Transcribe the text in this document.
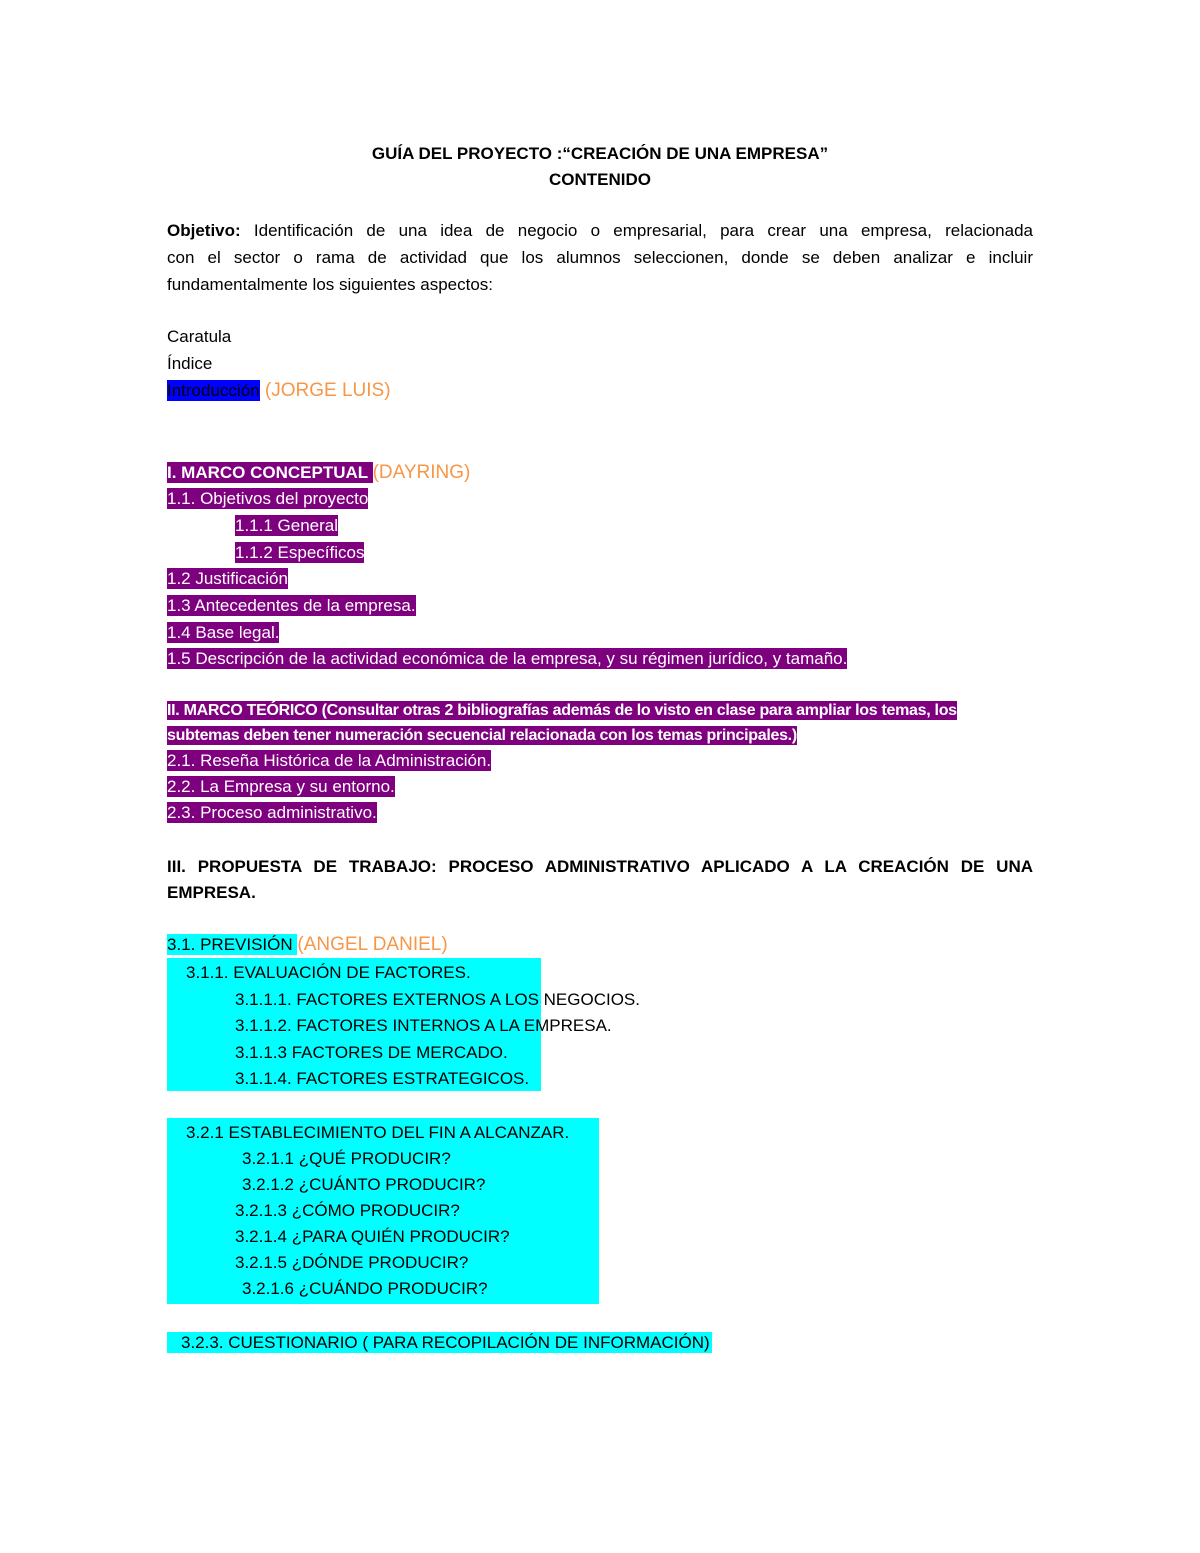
GUÍA DEL PROYECTO :“CREACIÓN DE UNA EMPRESA”
CONTENIDO
Objetivo: Identificación de una idea de negocio o empresarial, para crear una empresa, relacionada
con el sector o rama de actividad que los alumnos seleccionen, donde se deben analizar e incluir
fundamentalmente los siguientes aspectos:
Caratula
Índice
Introducción (JORGE LUIS)
I. MARCO CONCEPTUAL (DAYRING)
1.1. Objetivos del proyecto
1.1.1 General
1.1.2 Específicos
1.2 Justificación
1.3 Antecedentes de la empresa.
1.4 Base legal.
1.5 Descripción de la actividad económica de la empresa, y su régimen jurídico, y tamaño.
II. MARCO TEÓRICO (Consultar otras 2 bibliografías además de lo visto en clase para ampliar los temas, los
subtemas deben tener numeración secuencial relacionada con los temas principales.)
2.1. Reseña Histórica de la Administración.
2.2. La Empresa y su entorno.
2.3. Proceso administrativo.
III. PROPUESTA DE TRABAJO: PROCESO ADMINISTRATIVO APLICADO A LA CREACIÓN DE UNA
EMPRESA.
3.1. PREVISIÓN (ANGEL DANIEL)
3.1.1. EVALUACIÓN DE FACTORES.
3.1.1.1. FACTORES EXTERNOS A LOS NEGOCIOS.
3.1.1.2. FACTORES INTERNOS A LA EMPRESA.
3.1.1.3 FACTORES DE MERCADO.
3.1.1.4. FACTORES ESTRATEGICOS.
3.2.1 ESTABLECIMIENTO DEL FIN A ALCANZAR.
3.2.1.1 ¿QUÉ PRODUCIR?
3.2.1.2 ¿CUÁNTO PRODUCIR?
3.2.1.3 ¿CÓMO PRODUCIR?
3.2.1.4 ¿PARA QUIÉN PRODUCIR?
3.2.1.5 ¿DÓNDE PRODUCIR?
3.2.1.6 ¿CUÁNDO PRODUCIR?
3.2.3. CUESTIONARIO ( PARA RECOPILACIÓN DE INFORMACIÓN)
